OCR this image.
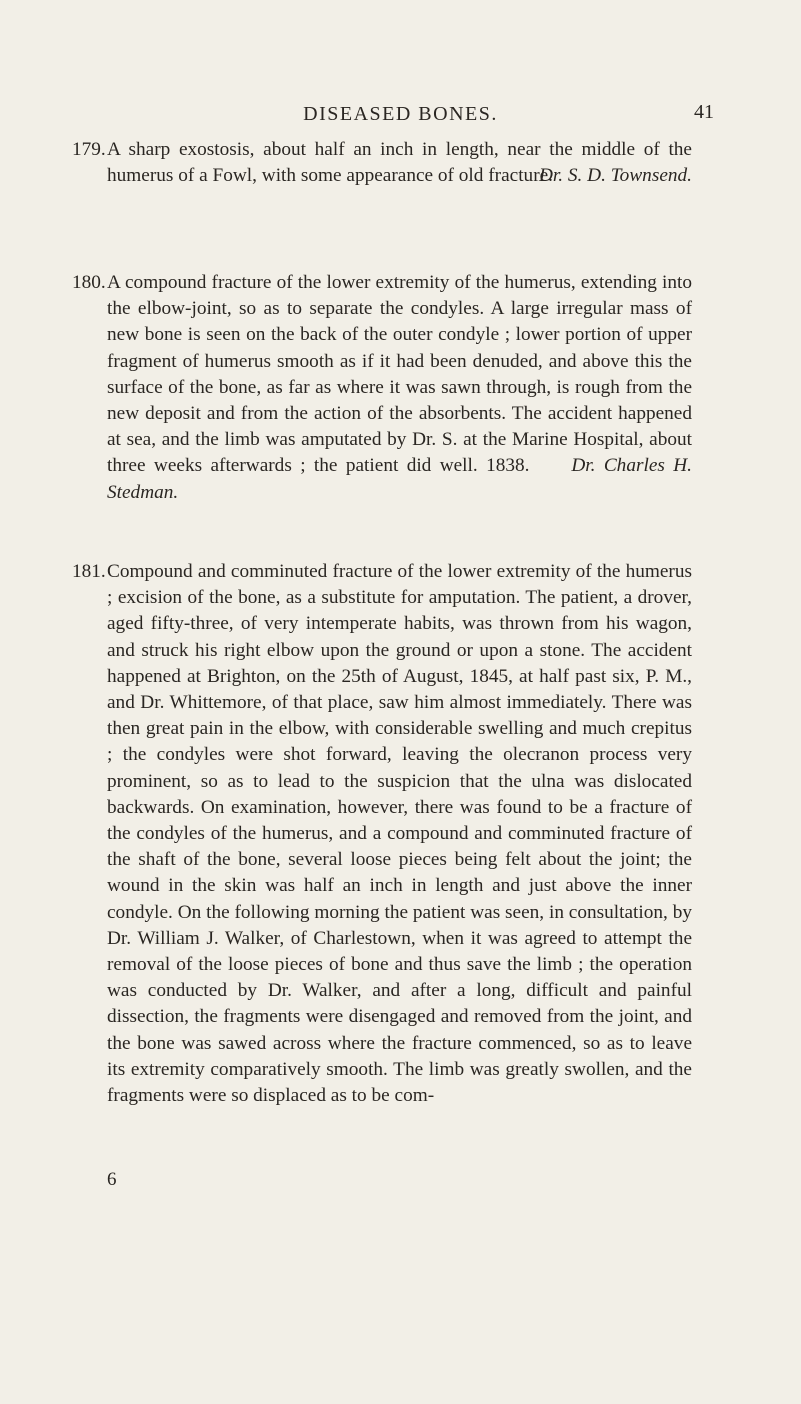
DISEASED BONES.	41
179.A sharp exostosis, about half an inch in length, near the middle of the humerus of a Fowl, with some appearance of old fracture.
Dr. S. D. Townsend.
180.A compound fracture of the lower extremity of the humerus, extending into the elbow-joint, so as to separate the condyles. A large irregular mass of new bone is seen on the back of the outer condyle ; lower portion of upper fragment of humerus smooth as if it had been denuded, and above this the surface of the bone, as far as where it was sawn through, is rough from the new deposit and from the action of the absorbents. The accident happened at sea, and the limb was amputated by Dr. S. at the Marine Hospital, about three weeks afterwards ; the patient did well. 1838. Dr. Charles H. Stedman.
181.Compound and comminuted fracture of the lower extremity of the humerus ; excision of the bone, as a substitute for amputation. The patient, a drover, aged fifty-three, of very intemperate habits, was thrown from his wagon, and struck his right elbow upon the ground or upon a stone. The accident happened at Brighton, on the 25th of August, 1845, at half past six, P. M., and Dr. Whittemore, of that place, saw him almost immediately. There was then great pain in the elbow, with considerable swelling and much crepitus ; the condyles were shot forward, leaving the olecranon process very prominent, so as to lead to the suspicion that the ulna was dislocated backwards. On examination, however, there was found to be a fracture of the condyles of the humerus, and a compound and comminuted fracture of the shaft of the bone, several loose pieces being felt about the joint; the wound in the skin was half an inch in length and just above the inner condyle. On the following morning the patient was seen, in consultation, by Dr. William J. Walker, of Charlestown, when it was agreed to attempt the removal of the loose pieces of bone and thus save the limb ; the operation was conducted by Dr. Walker, and after a long, difficult and painful dissection, the fragments were disengaged and removed from the joint, and the bone was sawed across where the fracture commenced, so as to leave its extremity comparatively smooth. The limb was greatly swollen, and the fragments were so displaced as to be com-
6
